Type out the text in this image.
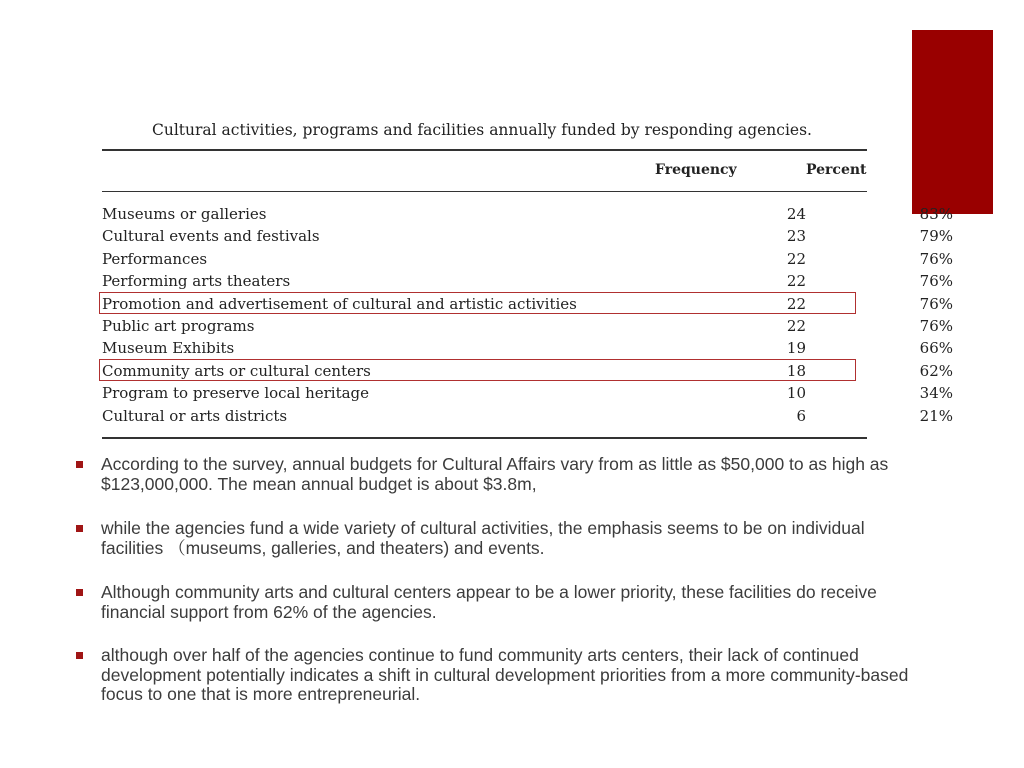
Cultural activities, programs and facilities annually funded by responding agencies.
Frequency	Percent
Museums or galleries	24	83%
Cultural events and festivals	23	79%
Performances	22	76%
Performing arts theaters	22	76%
Promotion and advertisement of cultural and artistic activities	22	76%
Public art programs	22	76%
Museum Exhibits	19	66%
Community arts or cultural centers	18	62%
Program to preserve local heritage	10	34%
Cultural or arts districts	6	21%
According to the survey, annual budgets for Cultural Affairs vary from as little as $50,000 to as high as $123,000,000. The mean annual budget is about $3.8m,
while the agencies fund a wide variety of cultural activities, the emphasis seems to be on individual facilities （museums, galleries, and theaters) and events.
Although community arts and cultural centers appear to be a lower priority, these facilities do receive financial support from 62% of the agencies.
although over half of the agencies continue to fund community arts centers, their lack of continued development potentially indicates a shift in cultural development priorities from a more community-based focus to one that is more entrepreneurial.
